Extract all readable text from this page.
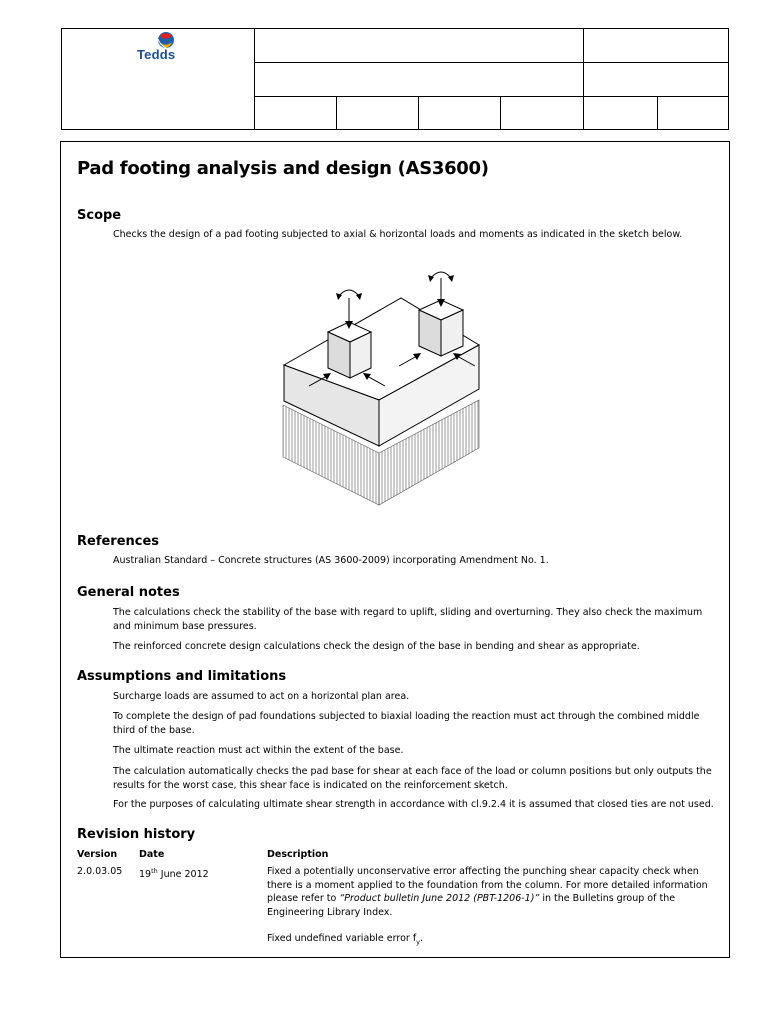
Tedds
Pad footing analysis and design (AS3600)
Scope
Checks the design of a pad footing subjected to axial & horizontal loads and moments as indicated in the sketch below.
References
Australian Standard – Concrete structures (AS 3600-2009) incorporating Amendment No. 1.
General notes
The calculations check the stability of the base with regard to uplift, sliding and overturning. They also check the maximum and minimum base pressures.
The reinforced concrete design calculations check the design of the base in bending and shear as appropriate.
Assumptions and limitations
Surcharge loads are assumed to act on a horizontal plan area.
To complete the design of pad foundations subjected to biaxial loading the reaction must act through the combined middle third of the base.
The ultimate reaction must act within the extent of the base.
The calculation automatically checks the pad base for shear at each face of the load or column positions but only outputs the results for the worst case, this shear face is indicated on the reinforcement sketch.
For the purposes of calculating ultimate shear strength in accordance with cl.9.2.4 it is assumed that closed ties are not used.
Revision history
Version Date	Description
2.0.03.05 19th June 2012	Fixed a potentially unconservative error affecting the punching shear capacity check when there is a moment applied to the foundation from the column. For more detailed information please refer to “Product bulletin June 2012 (PBT-1206-1)” in the Bulletins group of the Engineering Library Index.
Fixed undefined variable error $f_y$.
